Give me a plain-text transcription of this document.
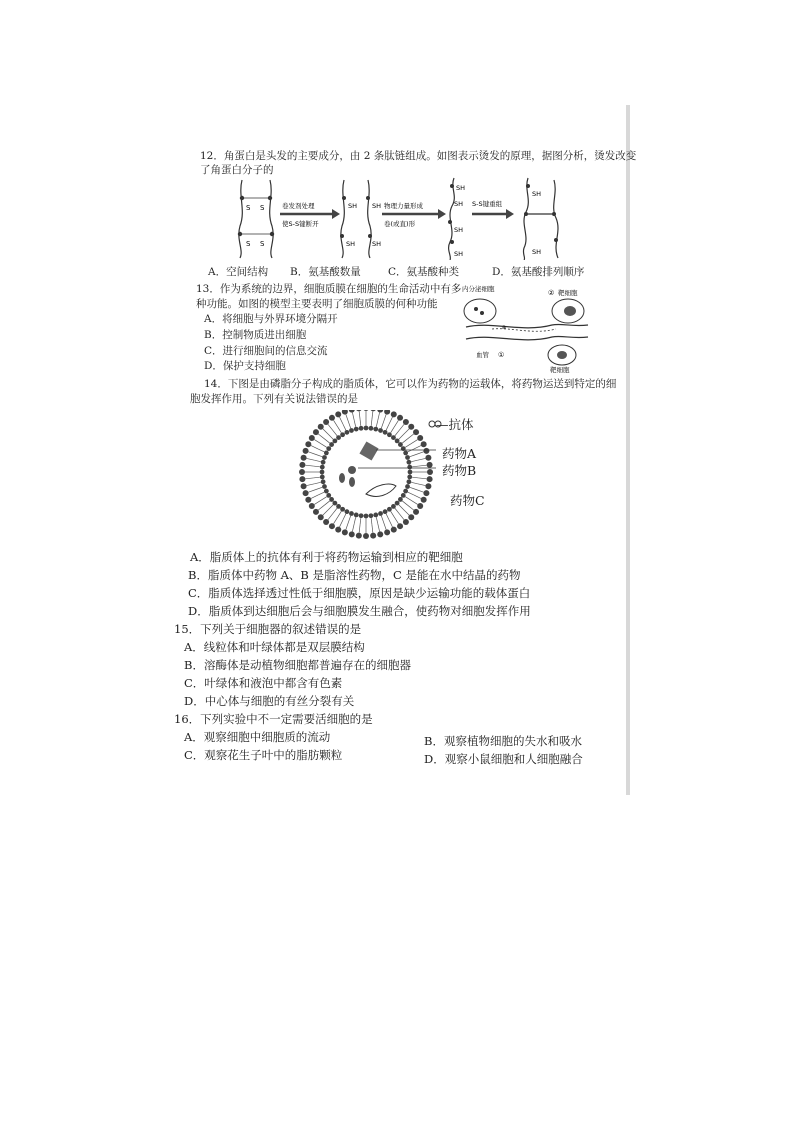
12．角蛋白是头发的主要成分，由 2 条肽链组成。如图表示烫发的原理，据图分析，烫发改变
了角蛋白分子的
S S
S S
卷发剂处理
使S-S键断开
SH SH
SH	SH
物理力量形成
卷(或直)形
SH
SH
SH
SH
S-S键重组
SH
SH
A．空间结构 B．氨基酸数量	C．氨基酸种类	D．氨基酸排列顺序
13．作为系统的边界，细胞质膜在细胞的生命活动中有多
种功能。如图的模型主要表明了细胞质膜的何种功能
A．将细胞与外界环境分隔开
B．控制物质进出细胞
C．进行细胞间的信息交流
D．保护支持细胞
内分泌细胞	靶细胞
②
a
血管 ①
靶细胞
14．下图是由磷脂分子构成的脂质体，它可以作为药物的运载体，将药物运送到特定的细
胞发挥作用。下列有关说法错误的是
—抗体
药物A
药物B
药物C
A．脂质体上的抗体有利于将药物运输到相应的靶细胞
B．脂质体中药物 A、B 是脂溶性药物，C 是能在水中结晶的药物
C．脂质体选择透过性低于细胞膜，原因是缺少运输功能的载体蛋白
D．脂质体到达细胞后会与细胞膜发生融合，使药物对细胞发挥作用
15．下列关于细胞器的叙述错误的是
A．线粒体和叶绿体都是双层膜结构
B．溶酶体是动植物细胞都普遍存在的细胞器
C．叶绿体和液泡中都含有色素
D．中心体与细胞的有丝分裂有关
16．下列实验中不一定需要活细胞的是
A．观察细胞中细胞质的流动	B．观察植物细胞的失水和吸水
C．观察花生子叶中的脂肪颗粒	D．观察小鼠细胞和人细胞融合
